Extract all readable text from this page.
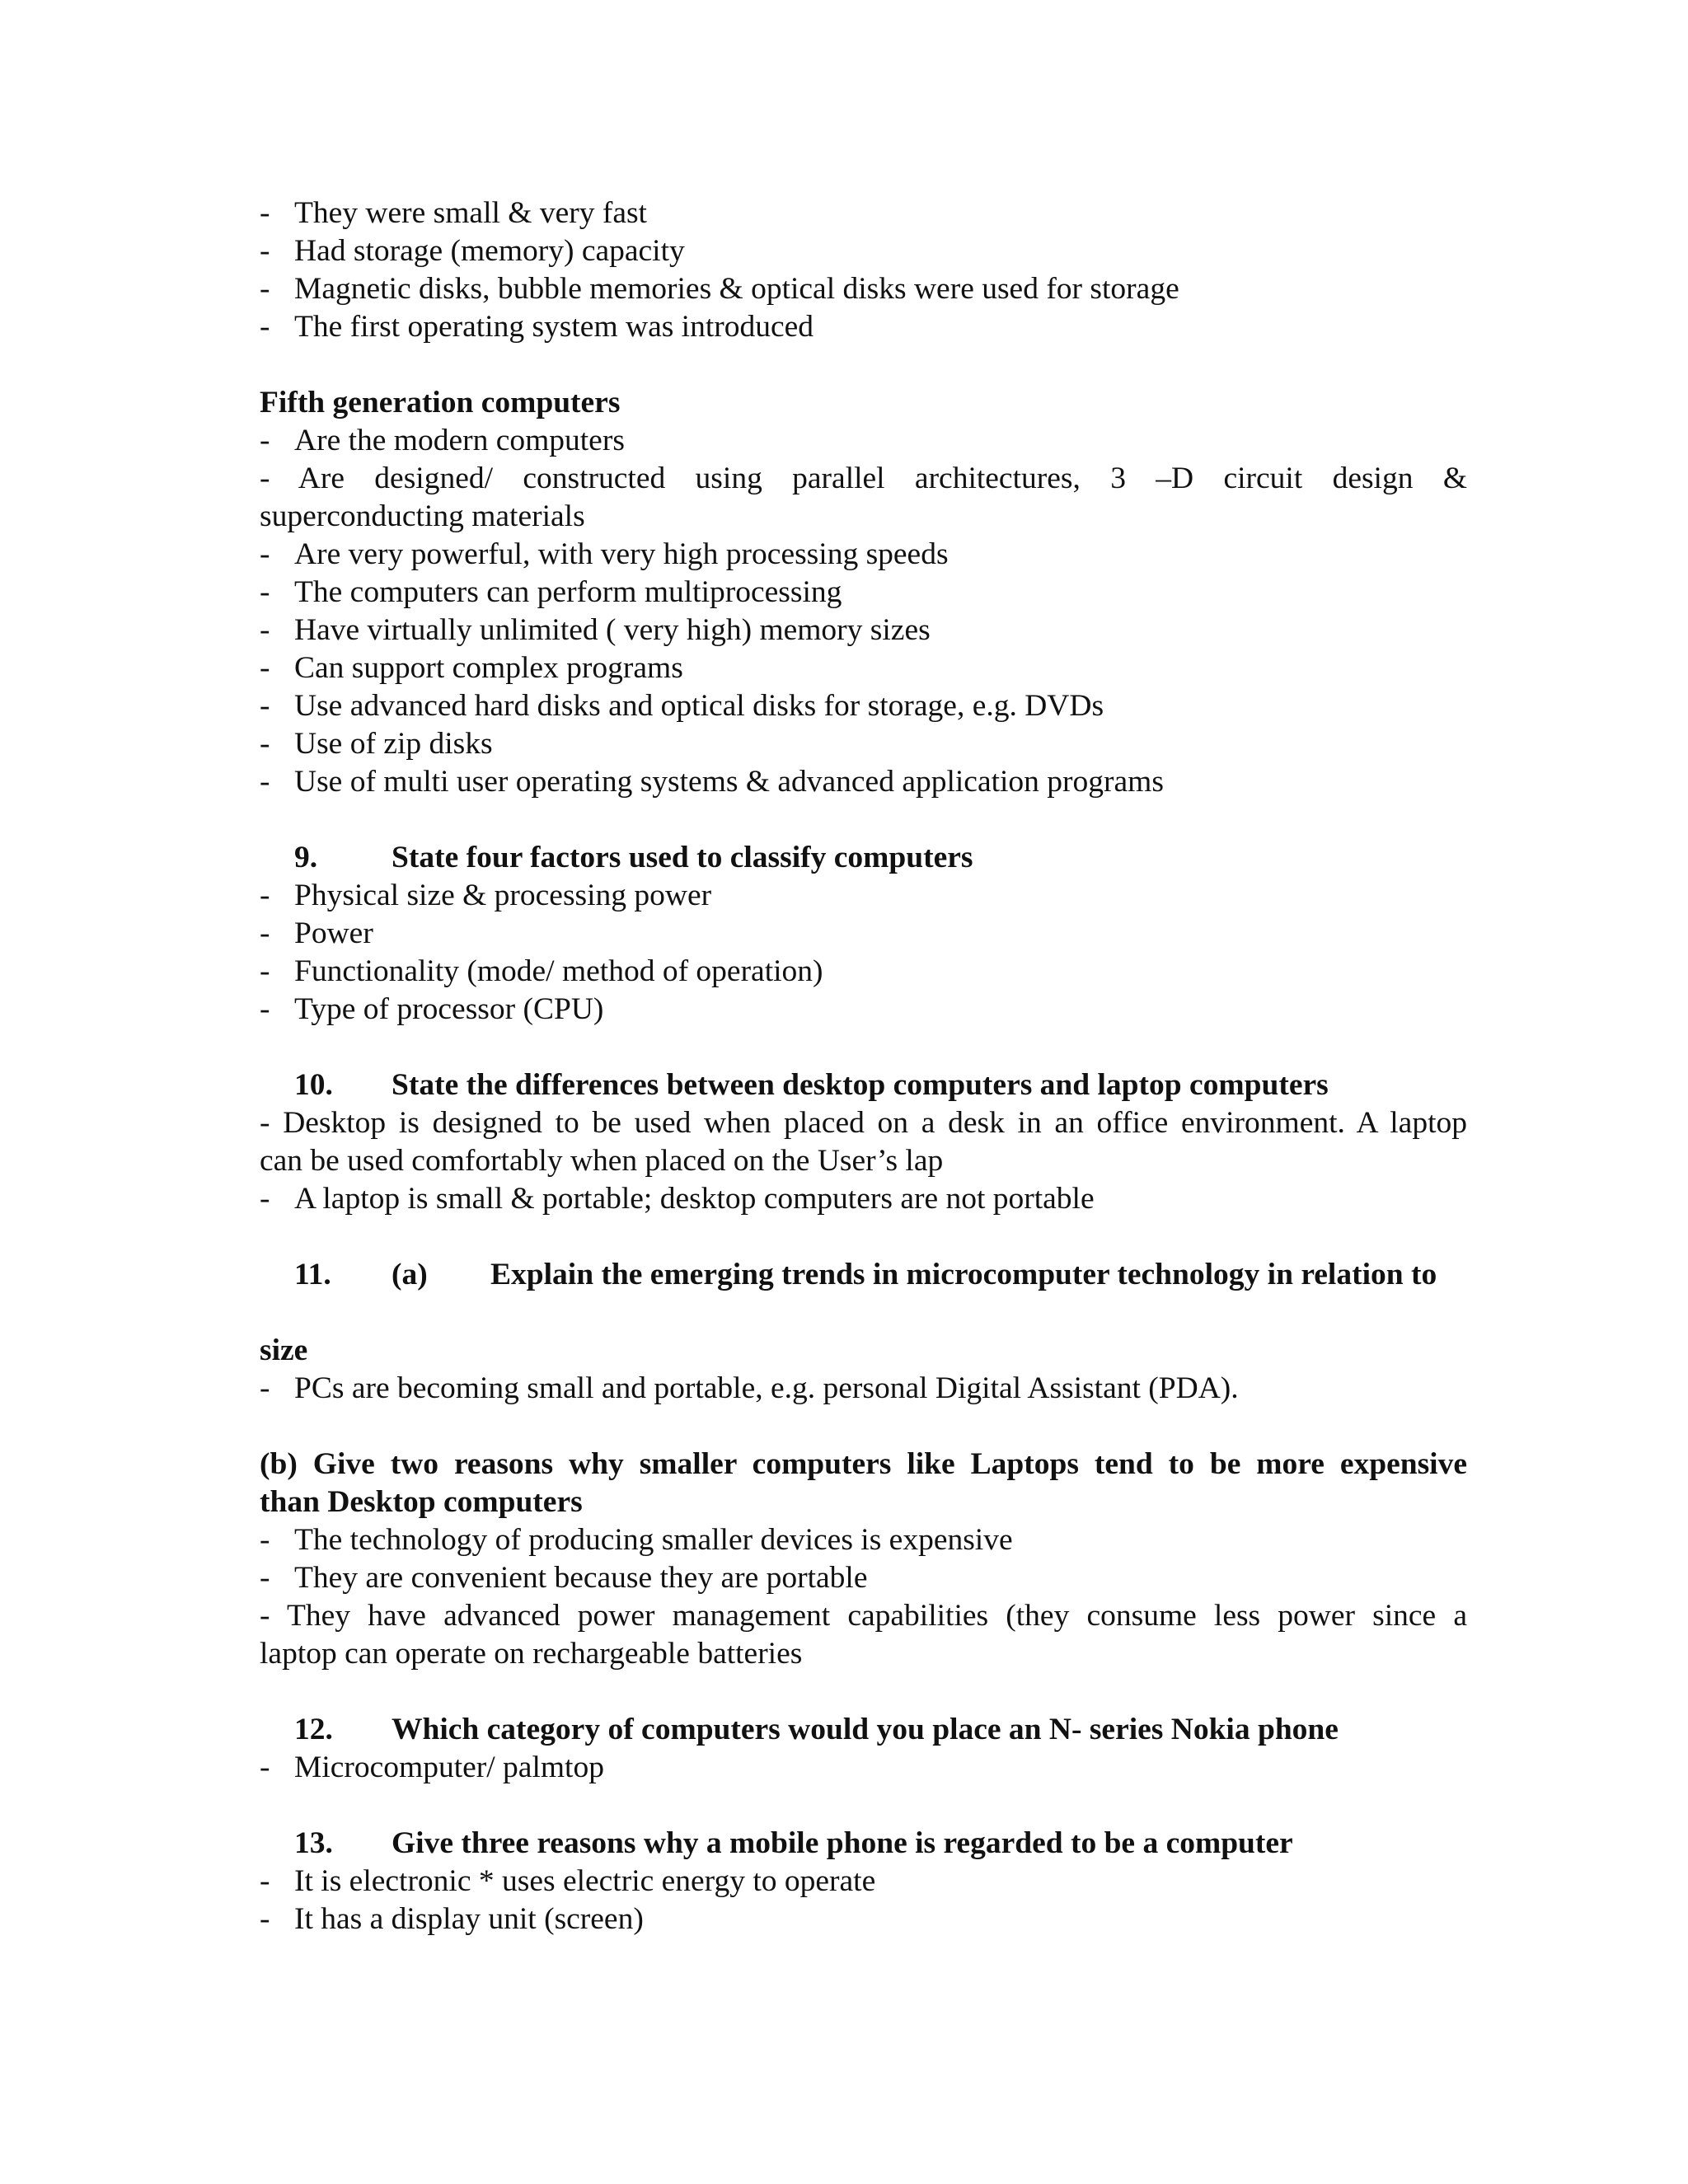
- They were small & very fast
- Had storage (memory) capacity
- Magnetic disks, bubble memories & optical disks were used for storage
- The first operating system was introduced
Fifth generation computers
- Are the modern computers
- Are designed/ constructed using parallel architectures, 3 –D circuit design &
superconducting materials
- Are very powerful, with very high processing speeds
- The computers can perform multiprocessing
- Have virtually unlimited ( very high) memory sizes
- Can support complex programs
- Use advanced hard disks and optical disks for storage, e.g. DVDs
- Use of zip disks
- Use of multi user operating systems & advanced application programs
9. State four factors used to classify computers
- Physical size & processing power
- Power
- Functionality (mode/ method of operation)
- Type of processor (CPU)
10. State the differences between desktop computers and laptop computers
- Desktop is designed to be used when placed on a desk in an office environment. A laptop
can be used comfortably when placed on the User’s lap
- A laptop is small & portable; desktop computers are not portable
11.	(a)	Explain the emerging trends in microcomputer technology in relation to
size
- PCs are becoming small and portable, e.g. personal Digital Assistant (PDA).
(b) Give two reasons why smaller computers like Laptops tend to be more expensive
than Desktop computers
- The technology of producing smaller devices is expensive
- They are convenient because they are portable
- They have advanced power management capabilities (they consume less power since a
laptop can operate on rechargeable batteries
12. Which category of computers would you place an N- series Nokia phone
- Microcomputer/ palmtop
13. Give three reasons why a mobile phone is regarded to be a computer
- It is electronic * uses electric energy to operate
- It has a display unit (screen)
